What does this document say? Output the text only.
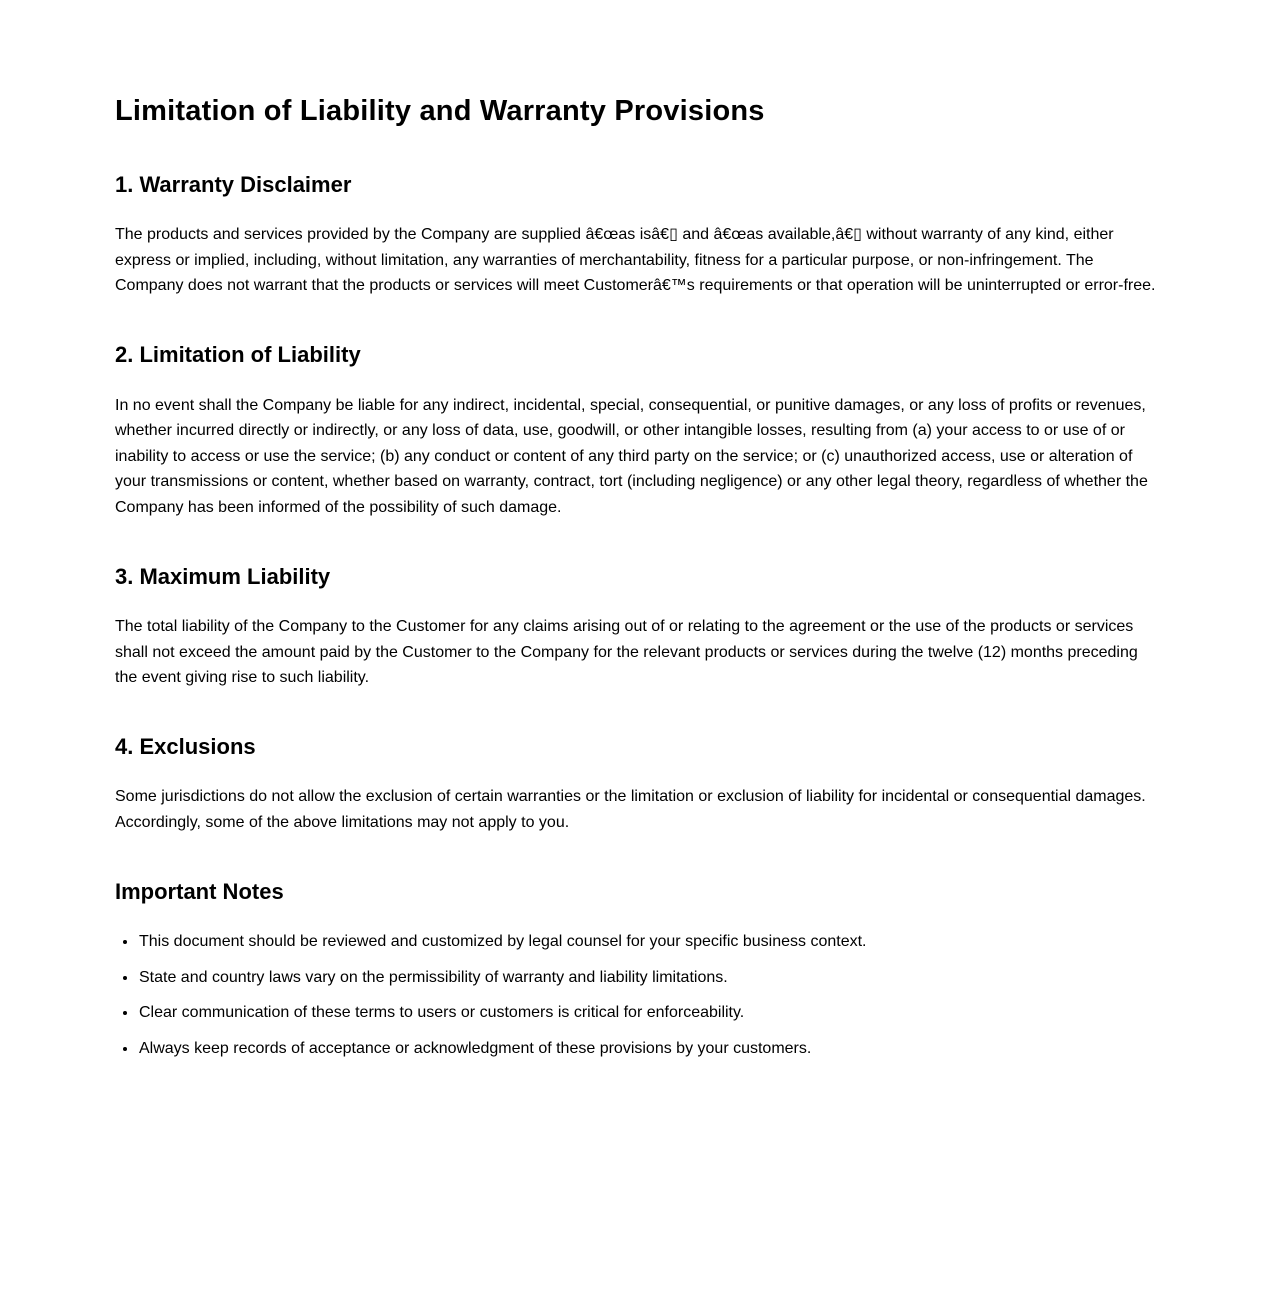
Limitation of Liability and Warranty Provisions
1. Warranty Disclaimer

The products and services provided by the Company are supplied â€œas isâ€▯ and â€œas available,â€▯ without warranty of any kind, either express or implied, including, without limitation, any warranties of merchantability, fitness for a particular purpose, or non-infringement. The Company does not warrant that the products or services will meet Customerâ€™s requirements or that operation will be uninterrupted or error-free.

2. Limitation of Liability

In no event shall the Company be liable for any indirect, incidental, special, consequential, or punitive damages, or any loss of profits or revenues, whether incurred directly or indirectly, or any loss of data, use, goodwill, or other intangible losses, resulting from (a) your access to or use of or inability to access or use the service; (b) any conduct or content of any third party on the service; or (c) unauthorized access, use or alteration of your transmissions or content, whether based on warranty, contract, tort (including negligence) or any other legal theory, regardless of whether the Company has been informed of the possibility of such damage.

3. Maximum Liability

The total liability of the Company to the Customer for any claims arising out of or relating to the agreement or the use of the products or services shall not exceed the amount paid by the Customer to the Company for the relevant products or services during the twelve (12) months preceding the event giving rise to such liability.

4. Exclusions

Some jurisdictions do not allow the exclusion of certain warranties or the limitation or exclusion of liability for incidental or consequential damages. Accordingly, some of the above limitations may not apply to you.

Important Notes
• This document should be reviewed and customized by legal counsel for your specific business context.
• State and country laws vary on the permissibility of warranty and liability limitations.
• Clear communication of these terms to users or customers is critical for enforceability.
• Always keep records of acceptance or acknowledgment of these provisions by your customers.
